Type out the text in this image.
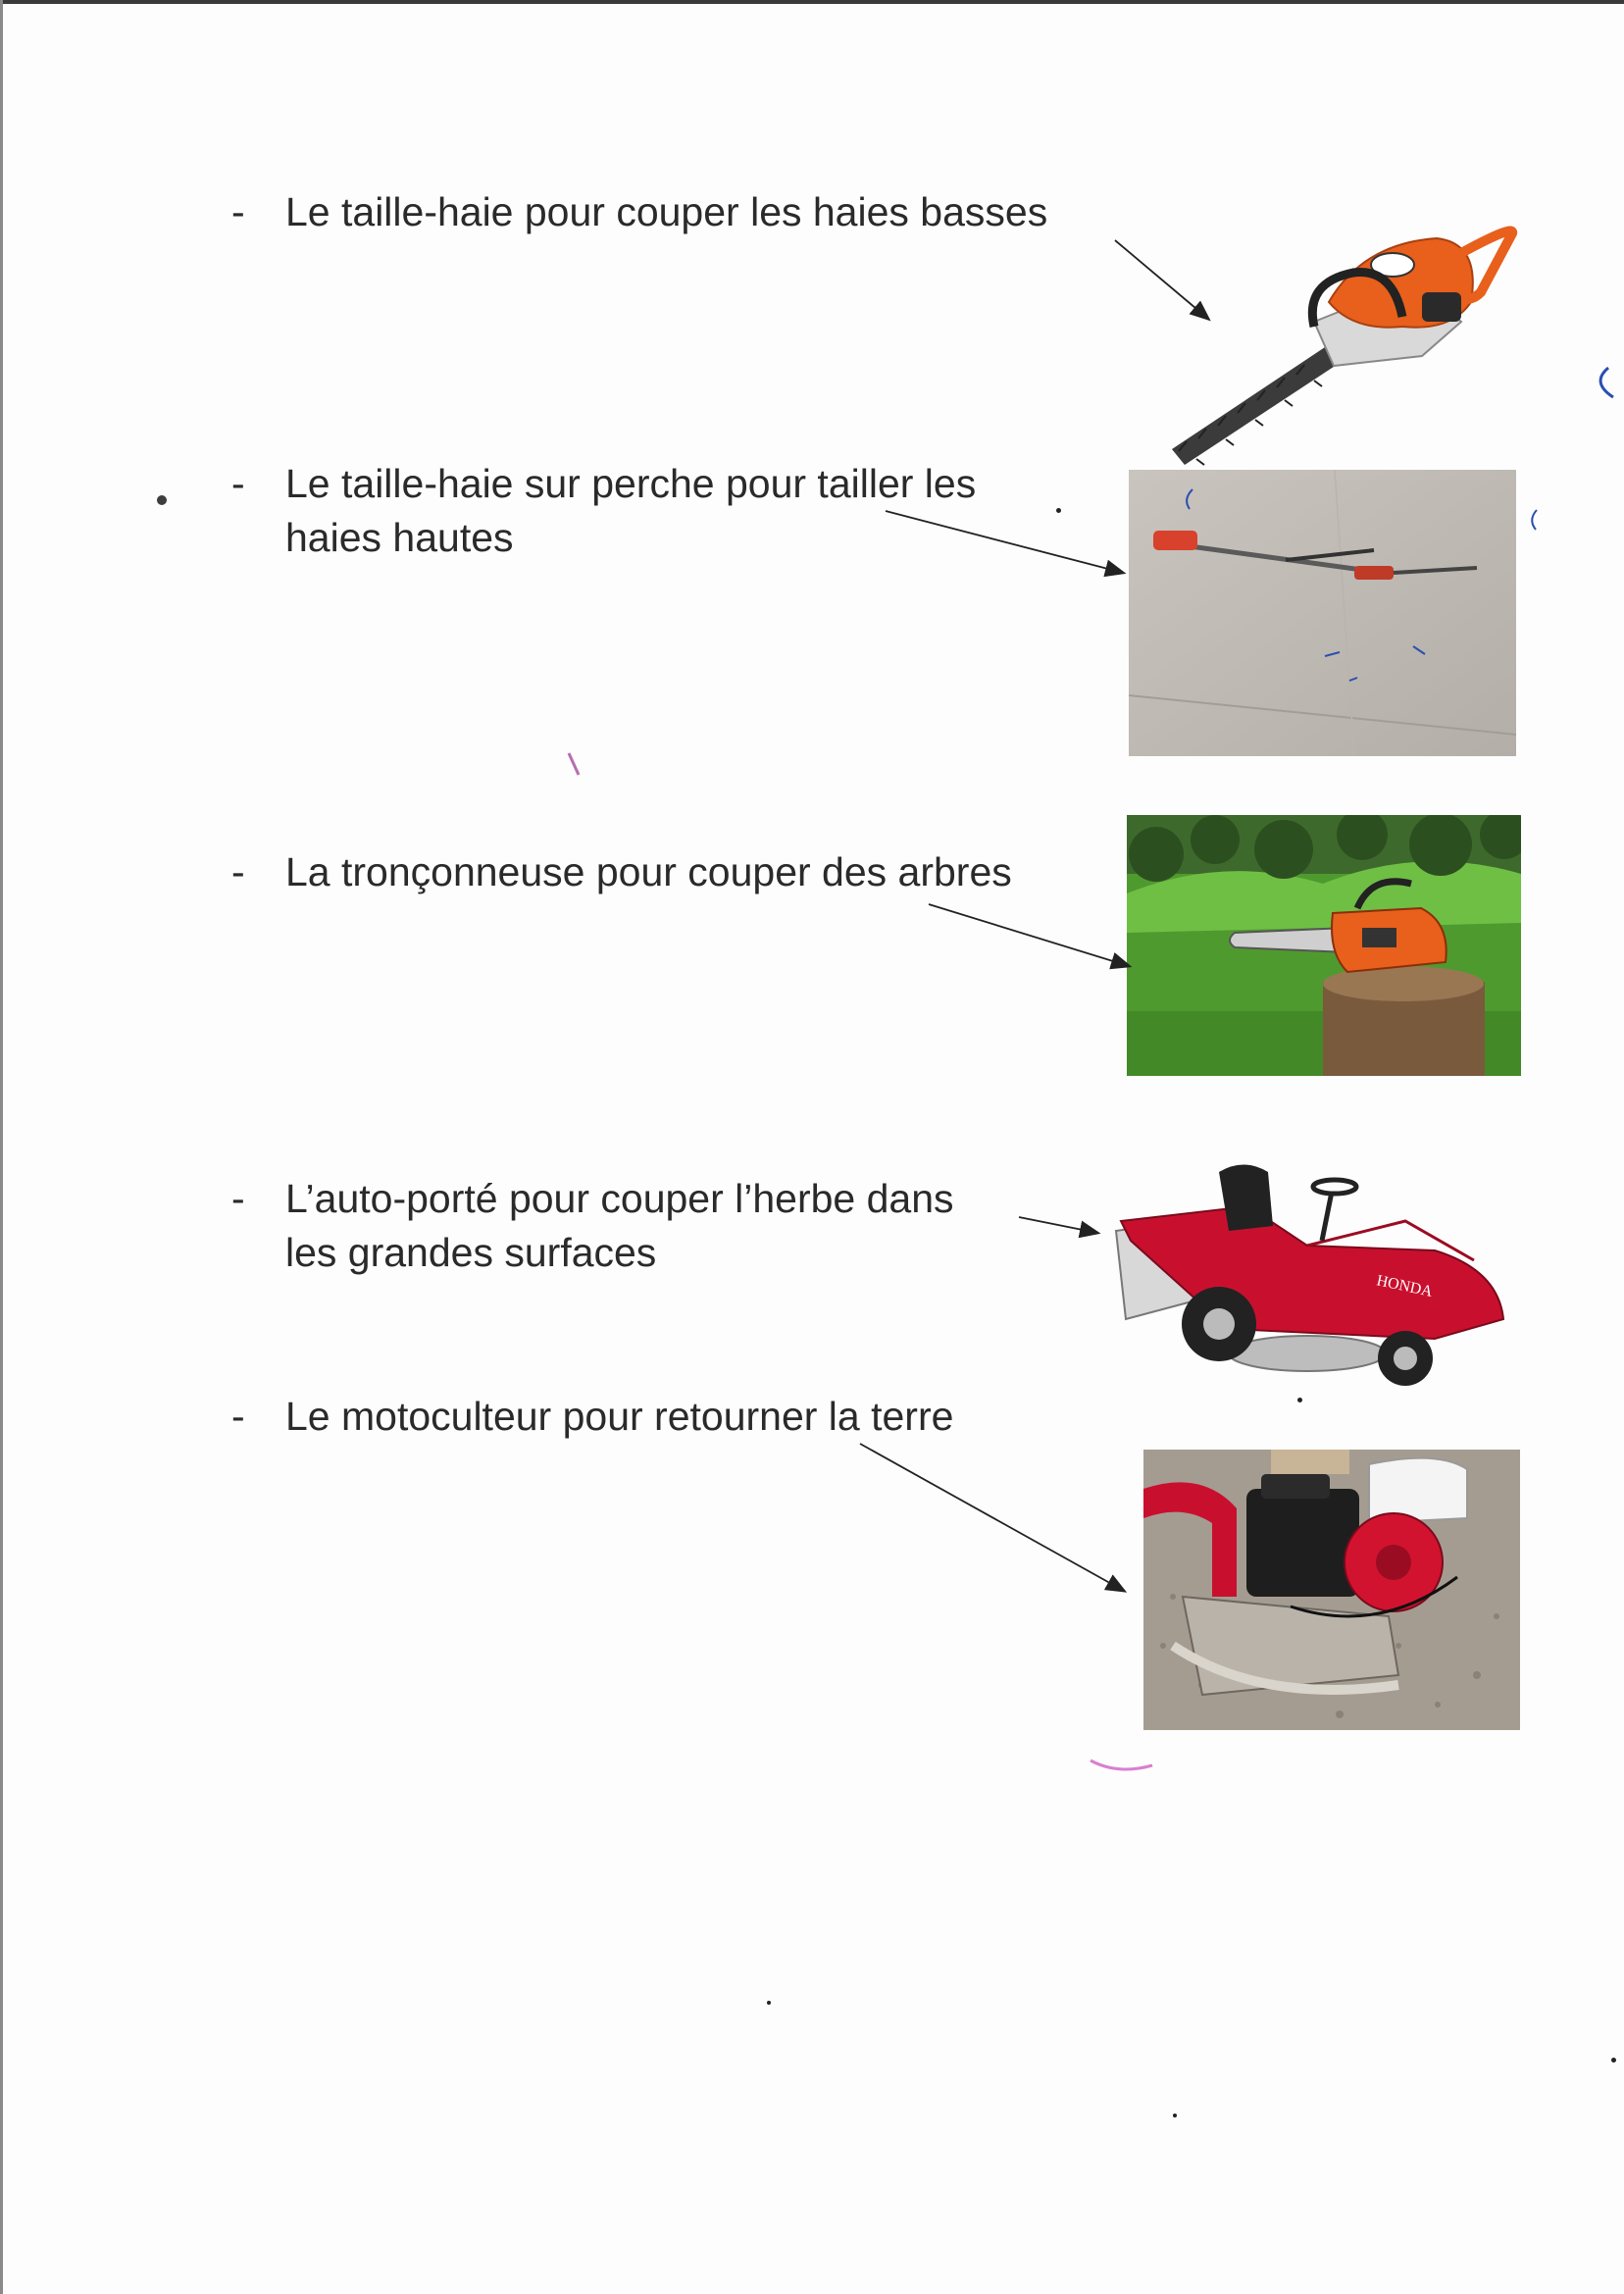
-	Le taille-haie pour couper les haies basses
-	Le taille-haie sur perche pour tailler les
haies hautes
-	La tronçonneuse pour couper des arbres
-	L’auto-porté pour couper l’herbe dans
les grandes surfaces
-	Le motoculteur pour retourner la terre
HONDA
